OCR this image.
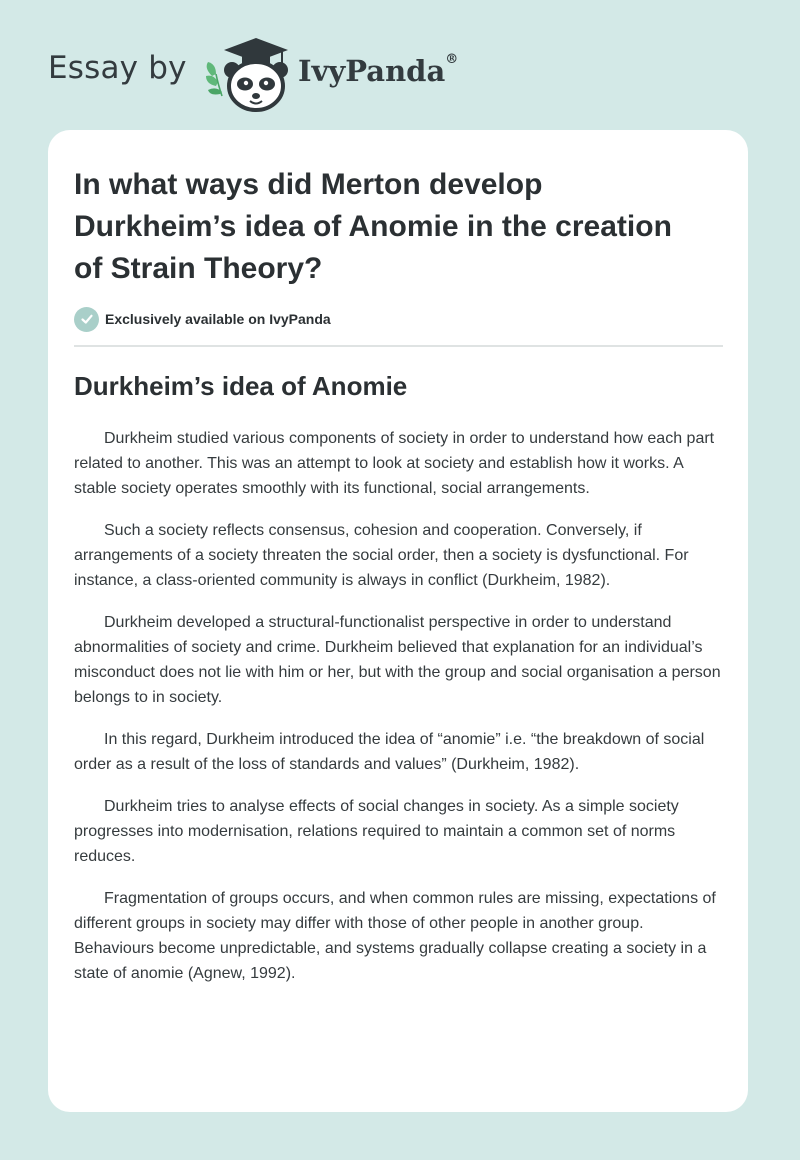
Essay by	IvyPanda®
In what ways did Merton develop Durkheim’s idea of Anomie in the creation of Strain Theory?
Exclusively available on IvyPanda
Durkheim’s idea of Anomie

Durkheim studied various components of society in order to understand how each part related to another. This was an attempt to look at society and establish how it works. A stable society operates smoothly with its functional, social arrangements.

Such a society reflects consensus, cohesion and cooperation. Conversely, if arrangements of a society threaten the social order, then a society is dysfunctional. For instance, a class-oriented community is always in conflict (Durkheim, 1982).

Durkheim developed a structural-functionalist perspective in order to understand abnormalities of society and crime. Durkheim believed that explanation for an individual’s misconduct does not lie with him or her, but with the group and social organisation a person belongs to in society.

In this regard, Durkheim introduced the idea of “anomie” i.e. “the breakdown of social order as a result of the loss of standards and values” (Durkheim, 1982).

Durkheim tries to analyse effects of social changes in society. As a simple society progresses into modernisation, relations required to maintain a common set of norms reduces.

Fragmentation of groups occurs, and when common rules are missing, expectations of different groups in society may differ with those of other people in another group. Behaviours become unpredictable, and systems gradually collapse creating a society in a state of anomie (Agnew, 1992).
